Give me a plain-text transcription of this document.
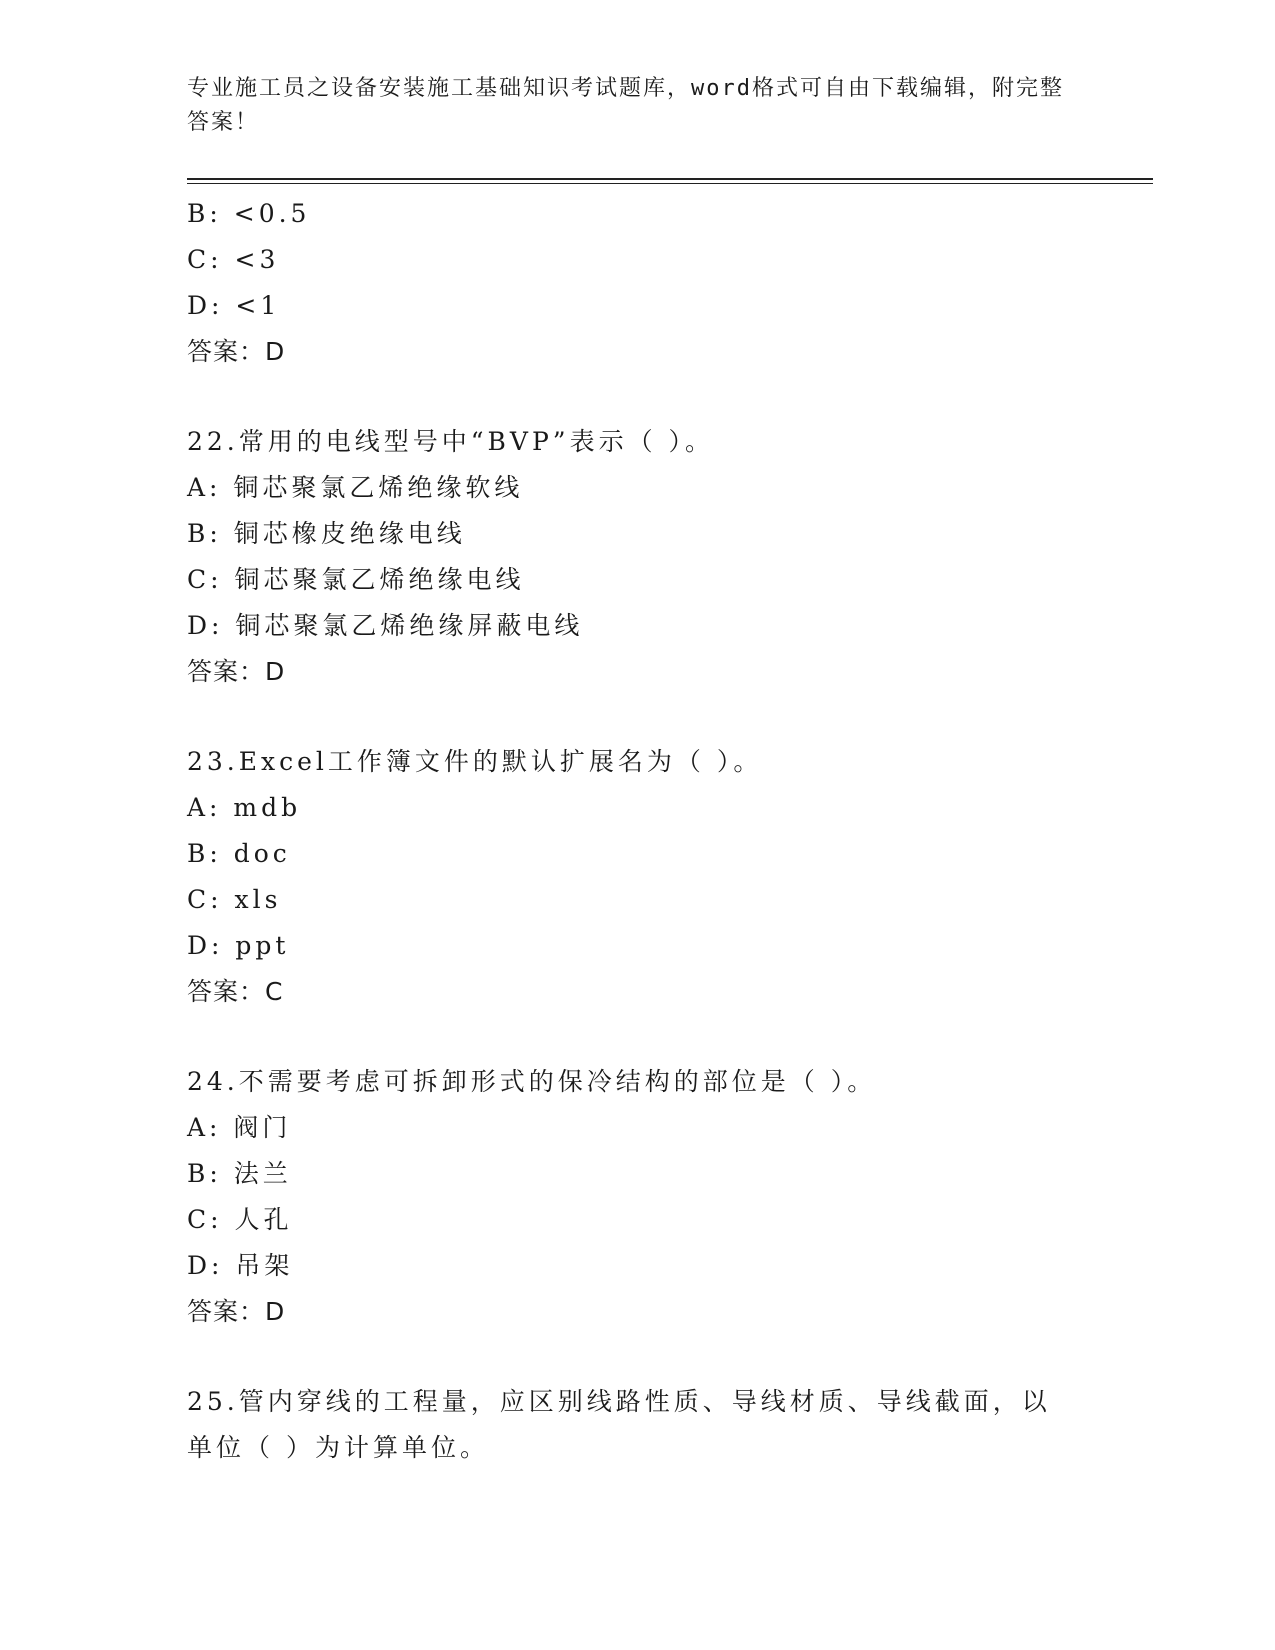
专业施工员之设备安装施工基础知识考试题库，word格式可自由下载编辑，附完整答案！
B: <0.5
C: <3
D: <1
答案：D
22.常用的电线型号中“BVP”表示（ ）。
A: 铜芯聚氯乙烯绝缘软线
B: 铜芯橡皮绝缘电线
C: 铜芯聚氯乙烯绝缘电线
D: 铜芯聚氯乙烯绝缘屏蔽电线
答案：D
23.Excel工作簿文件的默认扩展名为（ ）。
A: mdb
B: doc
C: xls
D: ppt
答案：C
24.不需要考虑可拆卸形式的保冷结构的部位是（ ）。
A: 阀门
B: 法兰
C: 人孔
D: 吊架
答案：D
25.管内穿线的工程量，应区别线路性质、导线材质、导线截面，以单位（ ）为计算单位。
